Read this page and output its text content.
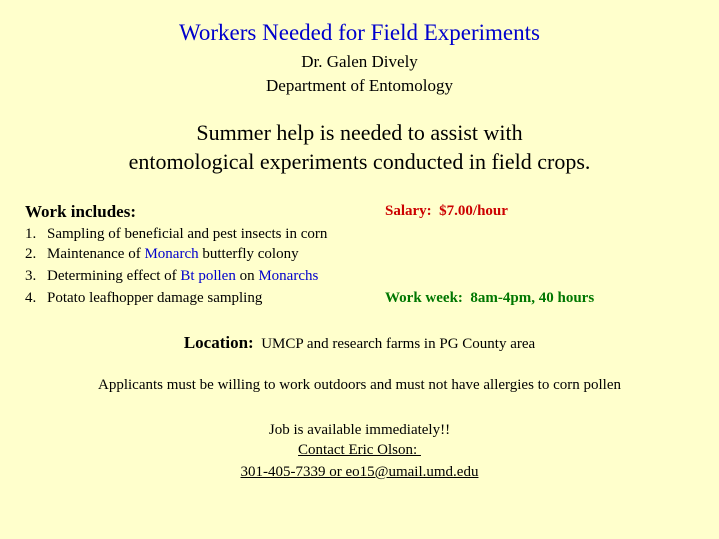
Workers Needed for Field Experiments
Dr. Galen Dively
Department of Entomology
Summer help is needed to assist with
entomological experiments conducted in field crops.
Work includes:
1. Sampling of beneficial and pest insects in corn
2. Maintenance of Monarch butterfly colony
3. Determining effect of Bt pollen on Monarchs
4. Potato leafhopper damage sampling
Salary:  $7.00/hour
Work week:  8am-4pm, 40 hours
Location: UMCP and research farms in PG County area
Applicants must be willing to work outdoors and must not have allergies to corn pollen
Job is available immediately!!
Contact Eric Olson:
301-405-7339 or eo15@umail.umd.edu
